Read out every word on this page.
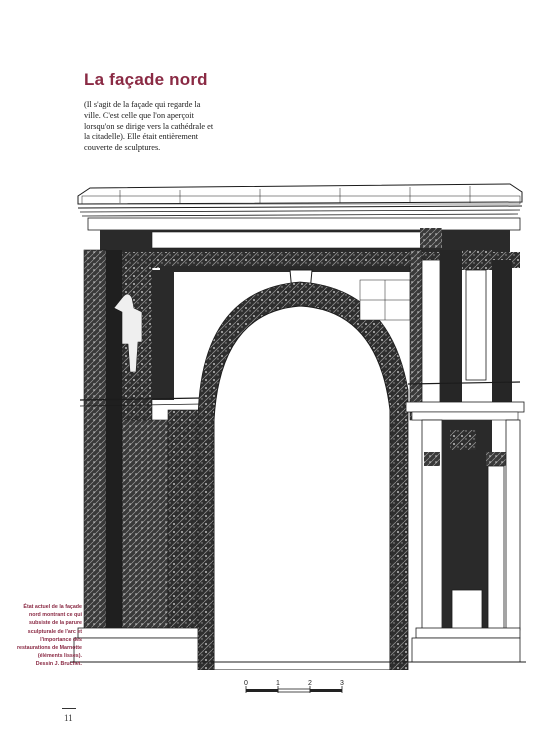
La façade nord
(Il s'agit de la façade qui regarde la
ville. C'est celle que l'on aperçoit
lorsqu'on se dirige vers la cathédrale et
la citadelle). Elle était entièrement
couverte de sculptures.
0	1	2	3
État actuel de la façade
nord montrant ce qui
subsiste de la parure
sculpturale de l'arc et
l'importance des
restaurations de Marnotte
(éléments lisses).
Dessin J. Bruchet.
11
